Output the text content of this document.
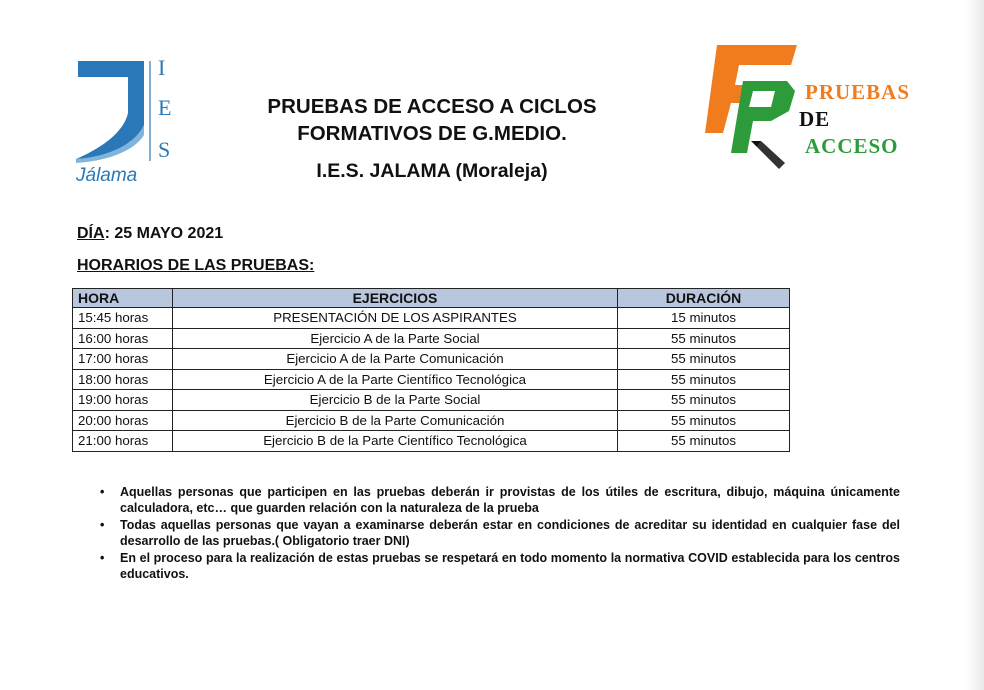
I
E
S
Jálama
PRUEBAS DE ACCESO A CICLOS
FORMATIVOS DE G.MEDIO.
I.E.S. JALAMA (Moraleja)
PRUEBAS
DE
ACCESO
DÍA: 25 MAYO 2021
HORARIOS DE LAS PRUEBAS:
HORA	EJERCICIOS	DURACIÓN
15:45 horas	PRESENTACIÓN DE LOS ASPIRANTES	15 minutos
16:00 horas	Ejercicio A de la Parte Social	55 minutos
17:00 horas	Ejercicio A de la Parte Comunicación	55 minutos
18:00 horas	Ejercicio A de la Parte Científico Tecnológica	55 minutos
19:00 horas	Ejercicio B de la Parte Social	55 minutos
20:00 horas	Ejercicio B de la Parte Comunicación	55 minutos
21:00 horas	Ejercicio B de la Parte Científico Tecnológica	55 minutos
• Aquellas personas que participen en las pruebas deberán ir provistas de los útiles de escritura, dibujo, máquina únicamente calculadora, etc… que guarden relación con la naturaleza de la prueba
• Todas aquellas personas que vayan a examinarse deberán estar en condiciones de acreditar su identidad en cualquier fase del desarrollo de las pruebas.( Obligatorio traer DNI)
• En el proceso para la realización de estas pruebas se respetará en todo momento la normativa COVID establecida para los centros educativos.
